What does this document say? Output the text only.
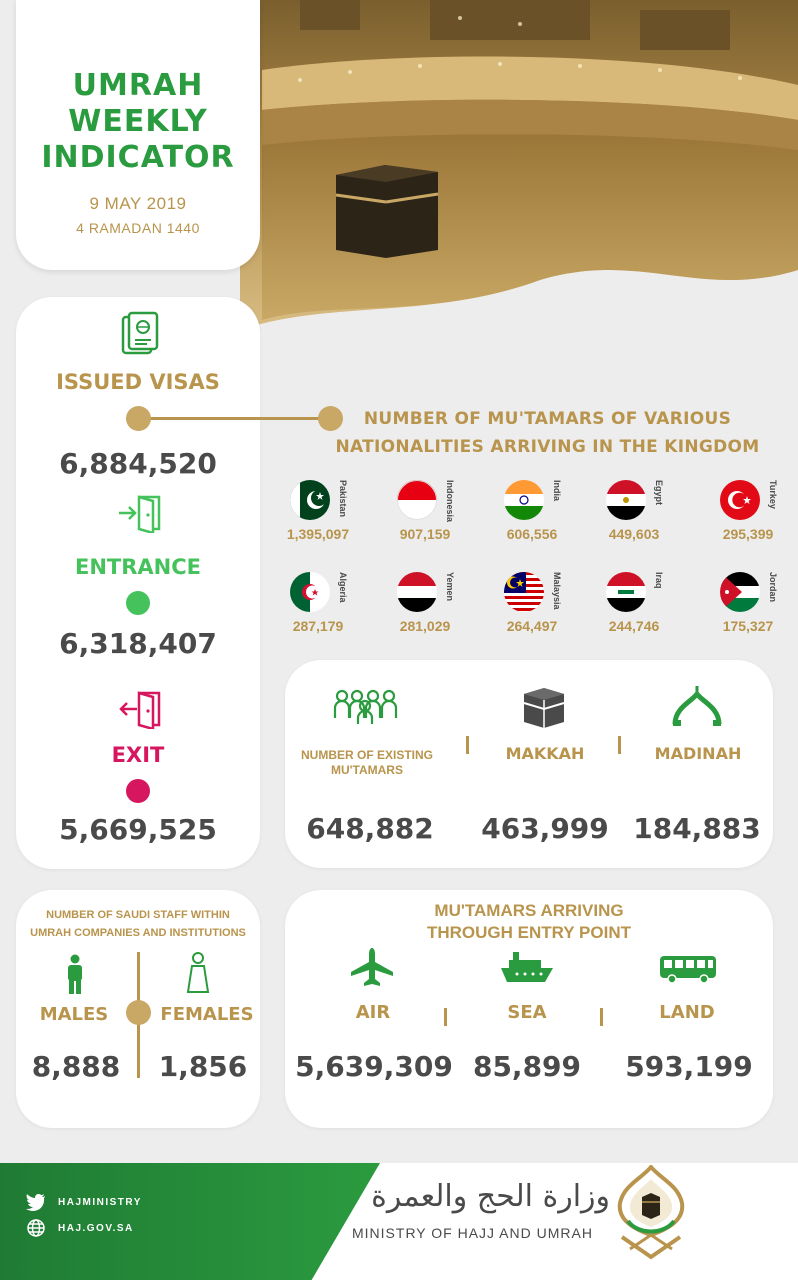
UMRAH
WEEKLY
INDICATOR
9 MAY 2019
4 RAMADAN 1440
ISSUED VISAS
6,884,520
ENTRANCE
6,318,407
EXIT
5,669,525
NUMBER OF MU'TAMARS OF VARIOUS
NATIONALITIES ARRIVING IN THE KINGDOM
Pakistan
1,395,097
Indonesia
907,159
India
606,556
Egypt
449,603
Turkey
295,399
Algeria
287,179
Yemen
281,029
Malaysia
264,497
Iraq
244,746
Jordan
175,327
NUMBER OF EXISTING
MU'TAMARS
MAKKAH	MADINAH
648,882	463,999 184,883
NUMBER OF SAUDI STAFF WITHIN
UMRAH COMPANIES AND INSTITUTIONS
MALES	FEMALES
8,888	1,856
MU'TAMARS ARRIVING
THROUGH ENTRY POINT
AIR	SEA	LAND
5,639,309 85,899 593,199
HAJMINISTRY
HAJ.GOV.SA
وزارة الحج والعمرة
MINISTRY OF HAJJ AND UMRAH
